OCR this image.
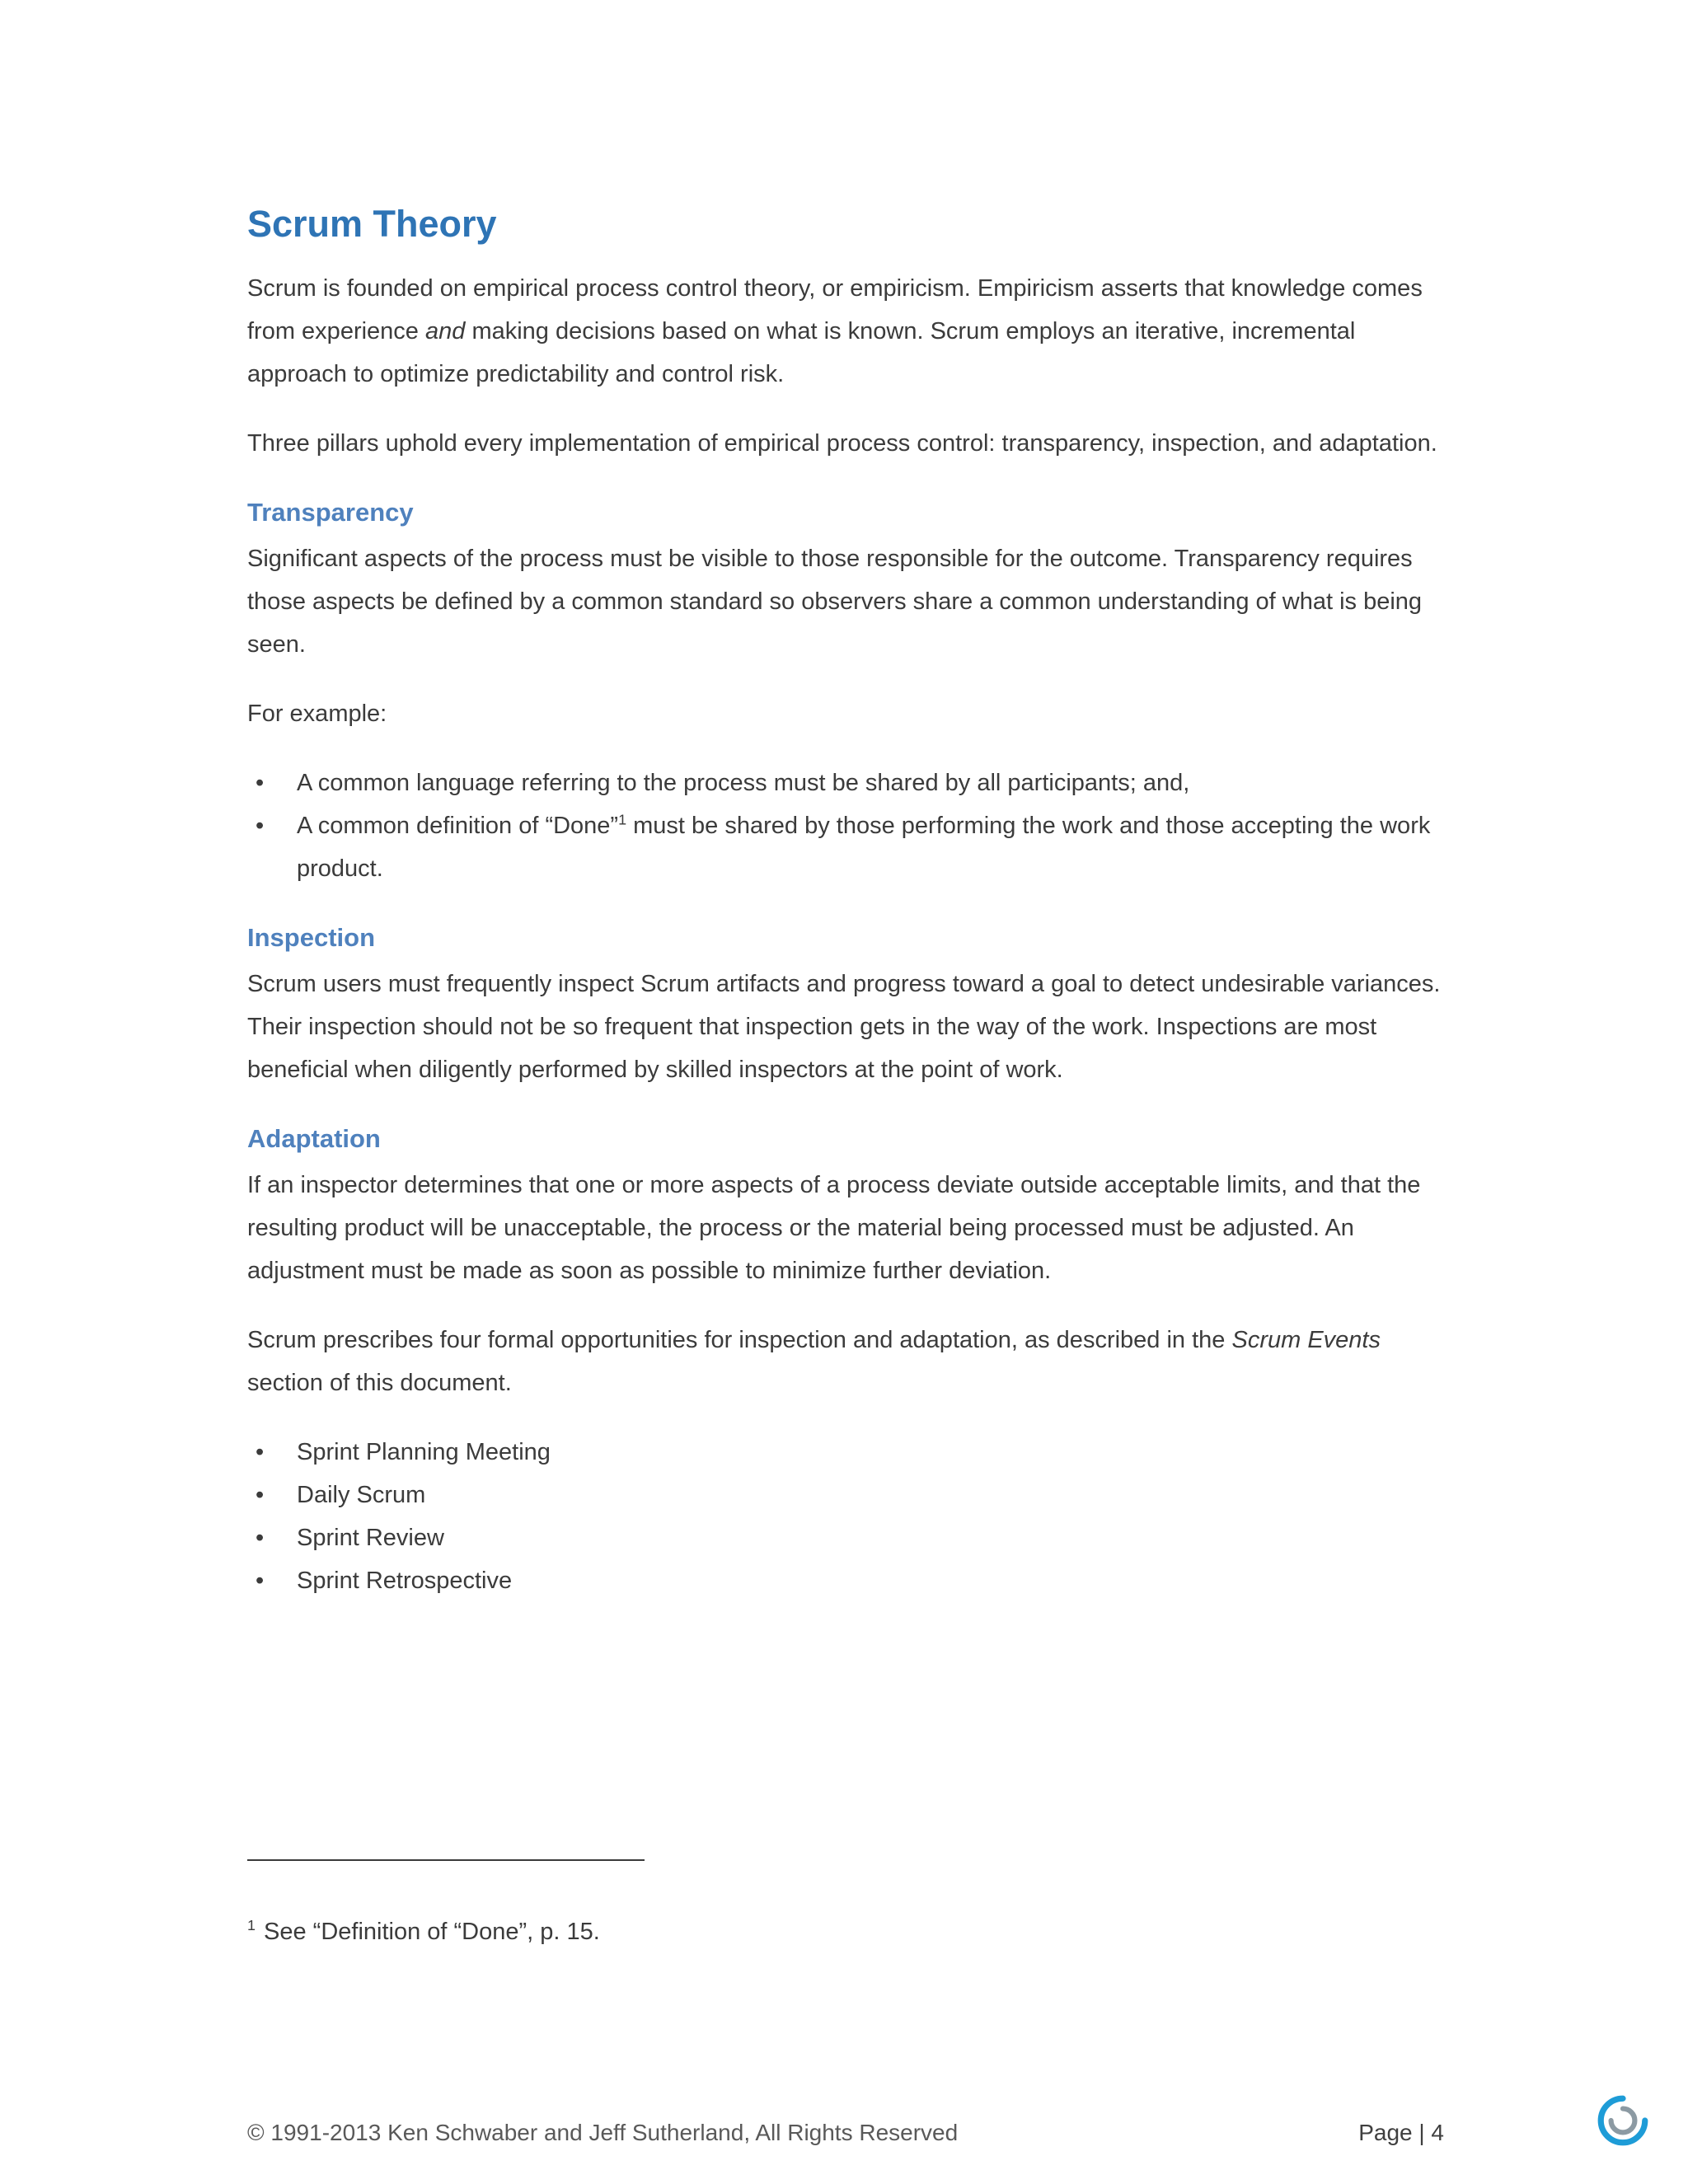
Scrum Theory

Scrum is founded on empirical process control theory, or empiricism. Empiricism asserts that knowledge comes from experience and making decisions based on what is known. Scrum employs an iterative, incremental approach to optimize predictability and control risk.

Three pillars uphold every implementation of empirical process control: transparency, inspection, and adaptation.

Transparency

Significant aspects of the process must be visible to those responsible for the outcome. Transparency requires those aspects be defined by a common standard so observers share a common understanding of what is being seen.

For example:

• A common language referring to the process must be shared by all participants; and,
• A common definition of “Done”$^1$ must be shared by those performing the work and those accepting the work product.
Inspection

Scrum users must frequently inspect Scrum artifacts and progress toward a goal to detect undesirable variances. Their inspection should not be so frequent that inspection gets in the way of the work. Inspections are most beneficial when diligently performed by skilled inspectors at the point of work.

Adaptation

If an inspector determines that one or more aspects of a process deviate outside acceptable limits, and that the resulting product will be unacceptable, the process or the material being processed must be adjusted. An adjustment must be made as soon as possible to minimize further deviation.

Scrum prescribes four formal opportunities for inspection and adaptation, as described in the Scrum Events section of this document.

• Sprint Planning Meeting
• Daily Scrum
• Sprint Review
• Sprint Retrospective
$^1$ See “Definition of “Done”, p. 15.
© 1991-2013 Ken Schwaber and Jeff Sutherland, All Rights Reserved	Page | 4
